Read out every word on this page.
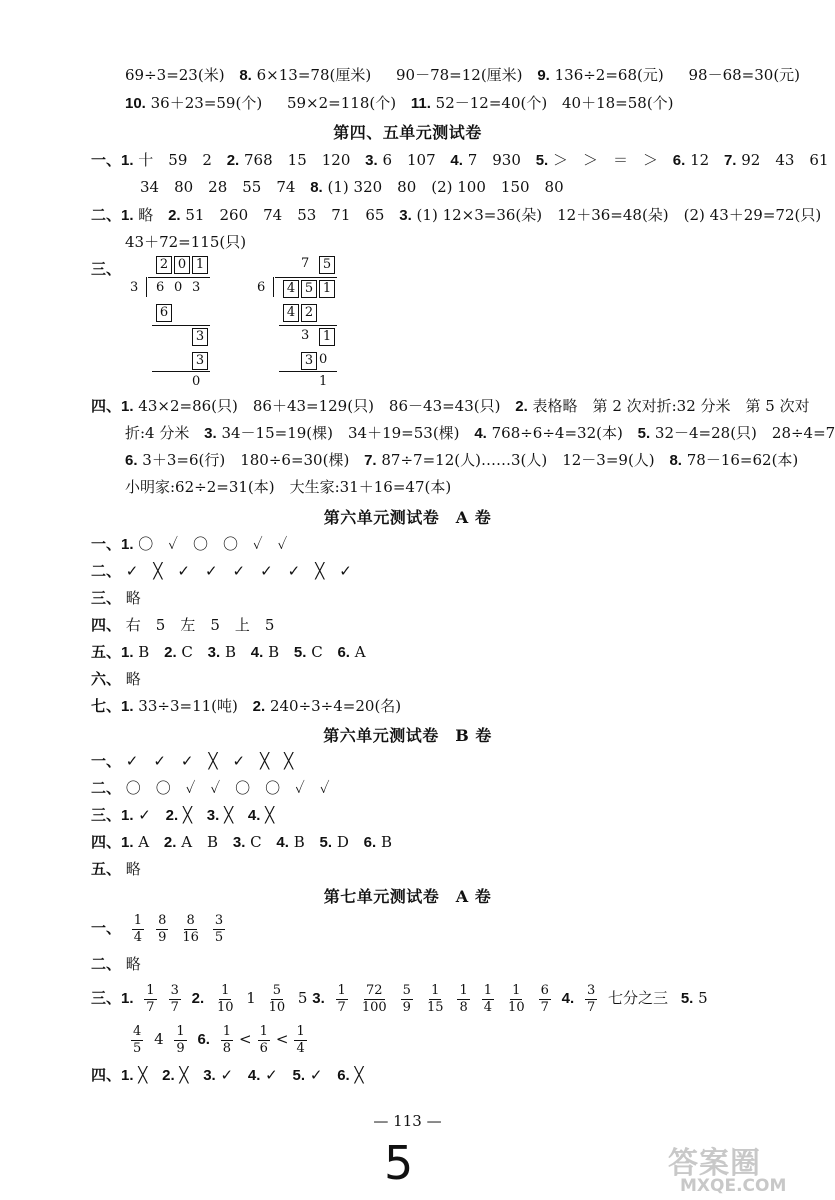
69÷3=23(米) 8. 6×13=78(厘米) 90－78=12(厘米) 9. 136÷2=68(元) 98－68=30(元)
10. 36＋23=59(个) 59×2=118(个) 11. 52－12=40(个) 40＋18=58(个)
第四、五单元测试卷
一、1. 十　59　2 2. 768　15　120 3. 6　107 4. 7　930 5. ＞　＞　＝　＞ 6. 12 7. 92　43　61
34　80　28　55　74 8. (1) 320　80　(2) 100　150　80
二、1. 略 2. 51　260　74　53　71　65 3. (1) 12×3=36(朵)　12＋36=48(朵)　(2) 43＋29=72(只)
43＋72=115(只)
三、	2 0 1
3 6 0 3
6
3
3
0
7 5
6 4 5 1
4 2
3 1
3 0
1
四、1. 43×2=86(只)　86＋43=129(只)　86－43=43(只) 2. 表格略　第 2 次对折:32 分米　第 5 次对
折:4 分米 3. 34－15=19(棵)　34＋19=53(棵) 4. 768÷6÷4=32(本) 5. 32－4=28(只)　28÷4=7
6. 3＋3=6(行)　180÷6=30(棵) 7. 87÷7=12(人)……3(人)　12－3=9(人) 8. 78－16=62(本)
小明家:62÷2=31(本)　大生家:31＋16=47(本)
第六单元测试卷　A 卷
一、1. 〇　✓　〇　〇　✓　✓
二、 ✓　╳　✓　✓　✓　✓　✓　╳　✓
三、 略
四、 右　5　左　5　上　5
五、1. B 2. C 3. B 4. B 5. C 6. A
六、 略
七、1. 33÷3=11(吨) 2. 240÷3÷4=20(名)
第六单元测试卷　B 卷
一、 ✓　✓　✓　╳　✓　╳　╳
二、 〇　〇　✓　✓　〇　〇　✓　✓
三、1. ✓ 2. ╳ 3. ╳ 4. ╳
四、1. A 2. A　B 3. C 4. B 5. D 6. B
五、 略
第七单元测试卷　A 卷
一、 $\frac{1}{4} \frac{8}{9} \frac{8}{16} \frac{3}{5}$
二、 略
三、1. $\frac{1}{7} \frac{3}{7} 2$. $\frac{1}{10} 1 \frac{5}{10} 5$ 3. $\frac{1}{7} \frac{72}{100} \frac{5}{9} \frac{1}{15} \frac{1}{8} \frac{1}{4} \frac{1}{10} \frac{6}{7} 4$. $\frac{3}{7}$ 七分之三 5. 5
$\frac{4}{5} 4 \frac{1}{9} 6$. $\frac{1}{8} < \frac{1}{6} < \frac{1}{4}$
四、1. ╳ 2. ╳ 3. ✓ 4. ✓ 5. ✓ 6. ╳
— 113 —
5	答案圈
MXQE.COM
